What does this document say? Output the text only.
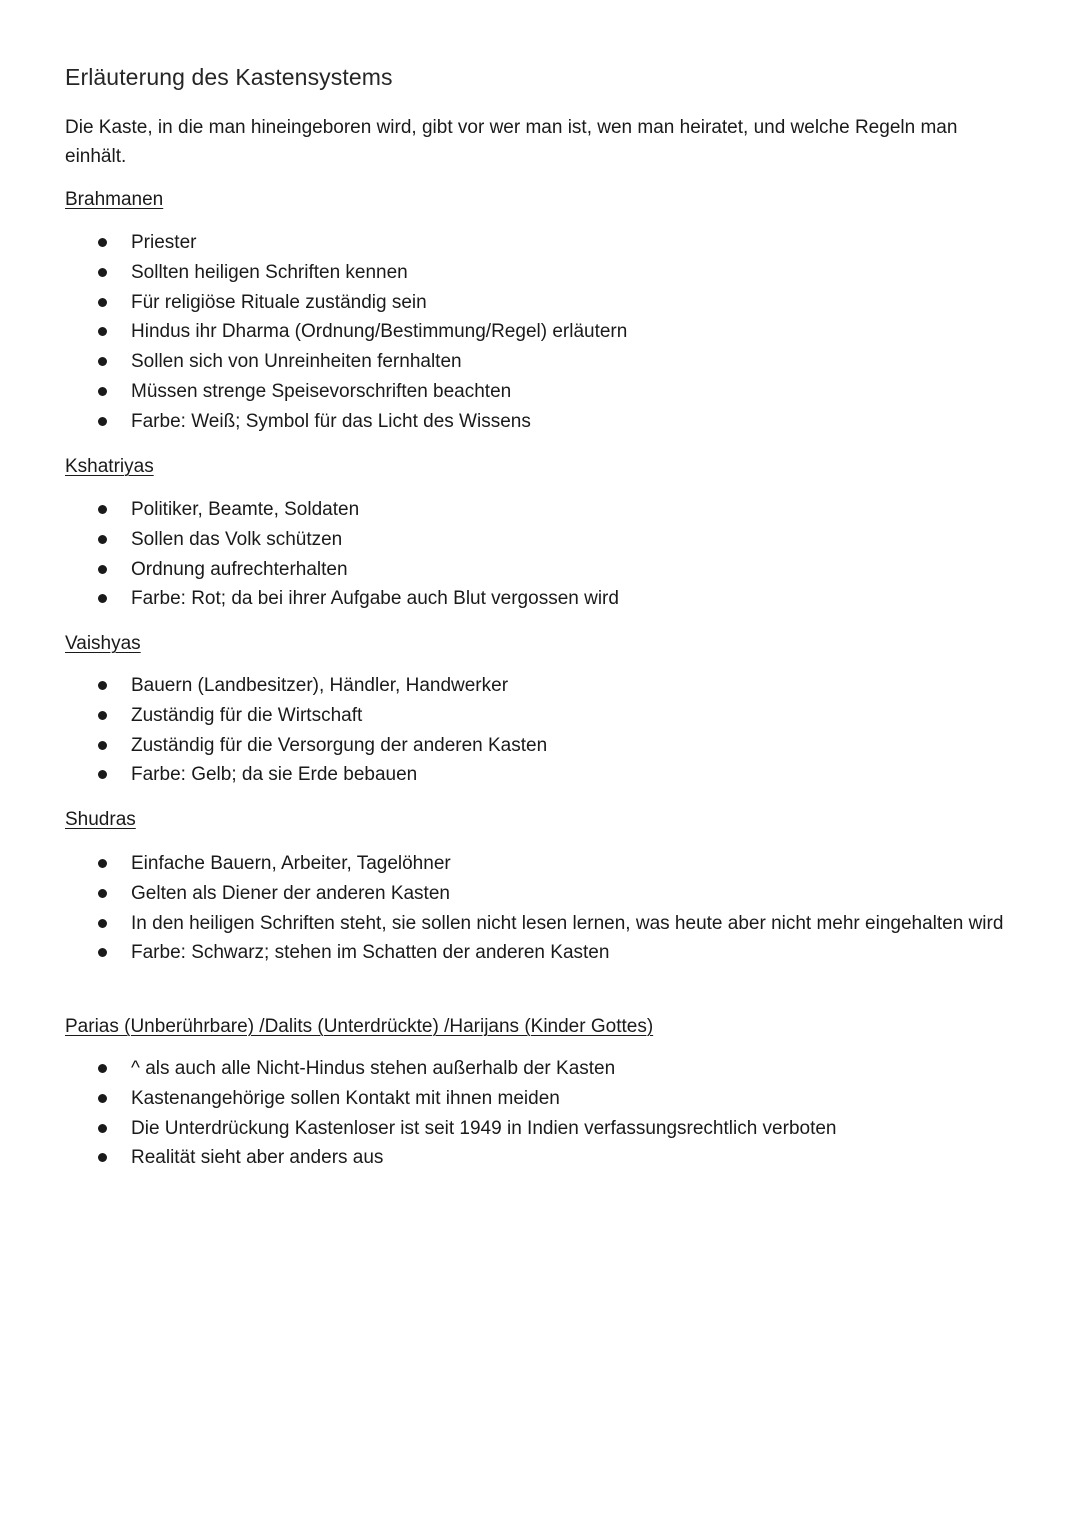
Erläuterung des Kastensystems

Die Kaste, in die man hineingeboren wird, gibt vor wer man ist, wen man heiratet, und welche Regeln man einhält.

Brahmanen
Priester
Sollten heiligen Schriften kennen
Für religiöse Rituale zuständig sein
Hindus ihr Dharma (Ordnung/Bestimmung/Regel) erläutern
Sollen sich von Unreinheiten fernhalten
Müssen strenge Speisevorschriften beachten
Farbe: Weiß; Symbol für das Licht des Wissens
Kshatriyas
Politiker, Beamte, Soldaten
Sollen das Volk schützen
Ordnung aufrechterhalten
Farbe: Rot; da bei ihrer Aufgabe auch Blut vergossen wird
Vaishyas
Bauern (Landbesitzer), Händler, Handwerker
Zuständig für die Wirtschaft
Zuständig für die Versorgung der anderen Kasten
Farbe: Gelb; da sie Erde bebauen
Shudras
Einfache Bauern, Arbeiter, Tagelöhner
Gelten als Diener der anderen Kasten
In den heiligen Schriften steht, sie sollen nicht lesen lernen, was heute aber nicht mehr eingehalten wird
Farbe: Schwarz; stehen im Schatten der anderen Kasten
Parias (Unberührbare) /Dalits (Unterdrückte) /Harijans (Kinder Gottes)
^ als auch alle Nicht-Hindus stehen außerhalb der Kasten
Kastenangehörige sollen Kontakt mit ihnen meiden
Die Unterdrückung Kastenloser ist seit 1949 in Indien verfassungsrechtlich verboten
Realität sieht aber anders aus
